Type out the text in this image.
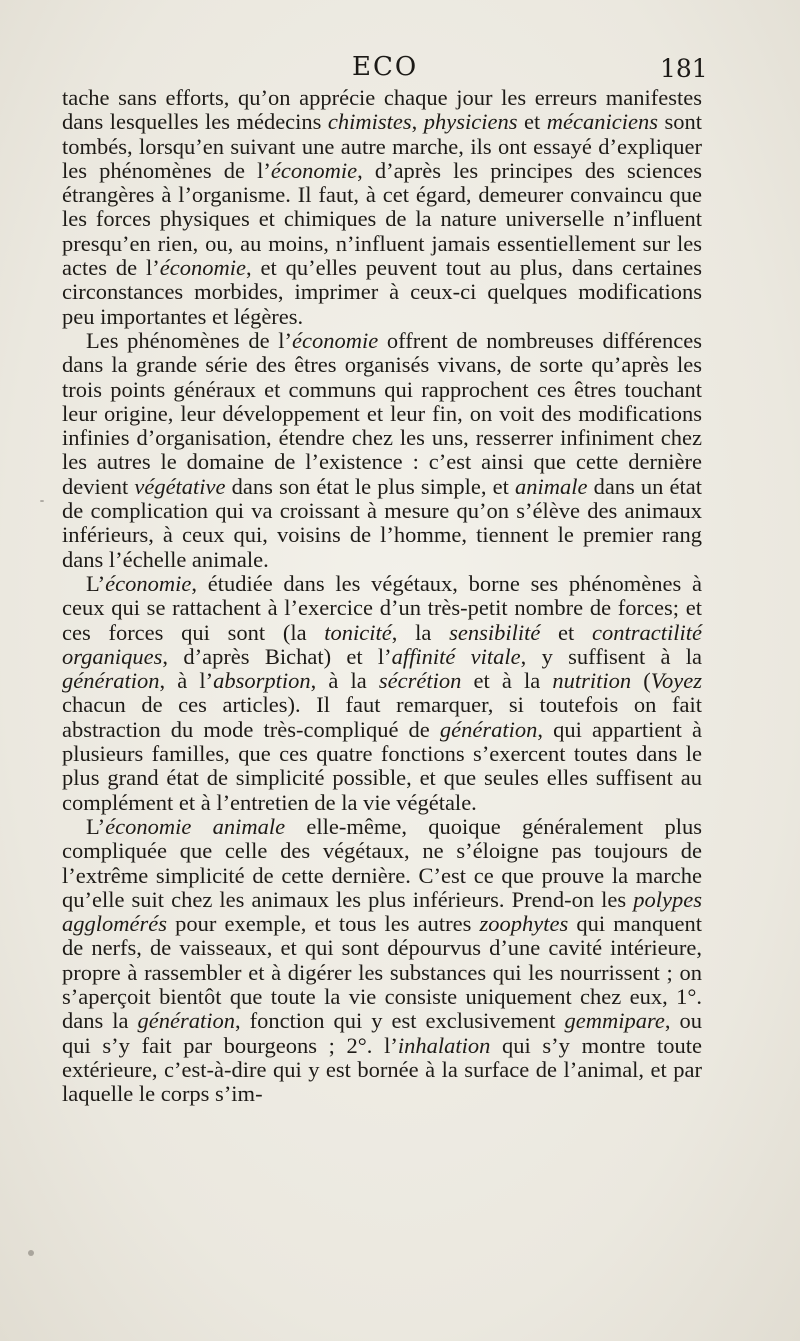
ECO	181

tache sans efforts, qu’on apprécie chaque jour les erreurs manifestes dans lesquelles les médecins chimistes, physiciens et mécaniciens sont tombés, lorsqu’en suivant une autre marche, ils ont essayé d’expliquer les phénomènes de l’économie, d’après les principes des sciences étrangères à l’organisme. Il faut, à cet égard, demeurer convaincu que les forces physiques et chimiques de la nature universelle n’influent presqu’en rien, ou, au moins, n’influent jamais essentiellement sur les actes de l’économie, et qu’elles peuvent tout au plus, dans certaines circonstances morbides, imprimer à ceux-ci quelques modifications peu importantes et légères.

Les phénomènes de l’économie offrent de nombreuses différences dans la grande série des êtres organisés vivans, de sorte qu’après les trois points généraux et communs qui rapprochent ces êtres touchant leur origine, leur développement et leur fin, on voit des modifications infinies d’organisation, étendre chez les uns, resserrer infiniment chez les autres le domaine de l’existence : c’est ainsi que cette dernière devient végétative dans son état le plus simple, et animale dans un état de complication qui va croissant à mesure qu’on s’élève des animaux inférieurs, à ceux qui, voisins de l’homme, tiennent le premier rang dans l’échelle animale.

L’économie, étudiée dans les végétaux, borne ses phénomènes à ceux qui se rattachent à l’exercice d’un très-petit nombre de forces; et ces forces qui sont (la tonicité, la sensibilité et contractilité organiques, d’après Bichat) et l’affinité vitale, y suffisent à la génération, à l’absorption, à la sécrétion et à la nutrition (Voyez chacun de ces articles). Il faut remarquer, si toutefois on fait abstraction du mode très-compliqué de génération, qui appartient à plusieurs familles, que ces quatre fonctions s’exercent toutes dans le plus grand état de simplicité possible, et que seules elles suffisent au complément et à l’entretien de la vie végétale.

L’économie animale elle-même, quoique généralement plus compliquée que celle des végétaux, ne s’éloigne pas toujours de l’extrême simplicité de cette dernière. C’est ce que prouve la marche qu’elle suit chez les animaux les plus inférieurs. Prend-on les polypes agglomérés pour exemple, et tous les autres zoophytes qui manquent de nerfs, de vaisseaux, et qui sont dépourvus d’une cavité intérieure, propre à rassembler et à digérer les substances qui les nourrissent ; on s’aperçoit bientôt que toute la vie consiste uniquement chez eux, 1°. dans la génération, fonction qui y est exclusivement gemmipare, ou qui s’y fait par bourgeons ; 2°. l’inhalation qui s’y montre toute extérieure, c’est-à-dire qui y est bornée à la surface de l’animal, et par laquelle le corps s’im-
